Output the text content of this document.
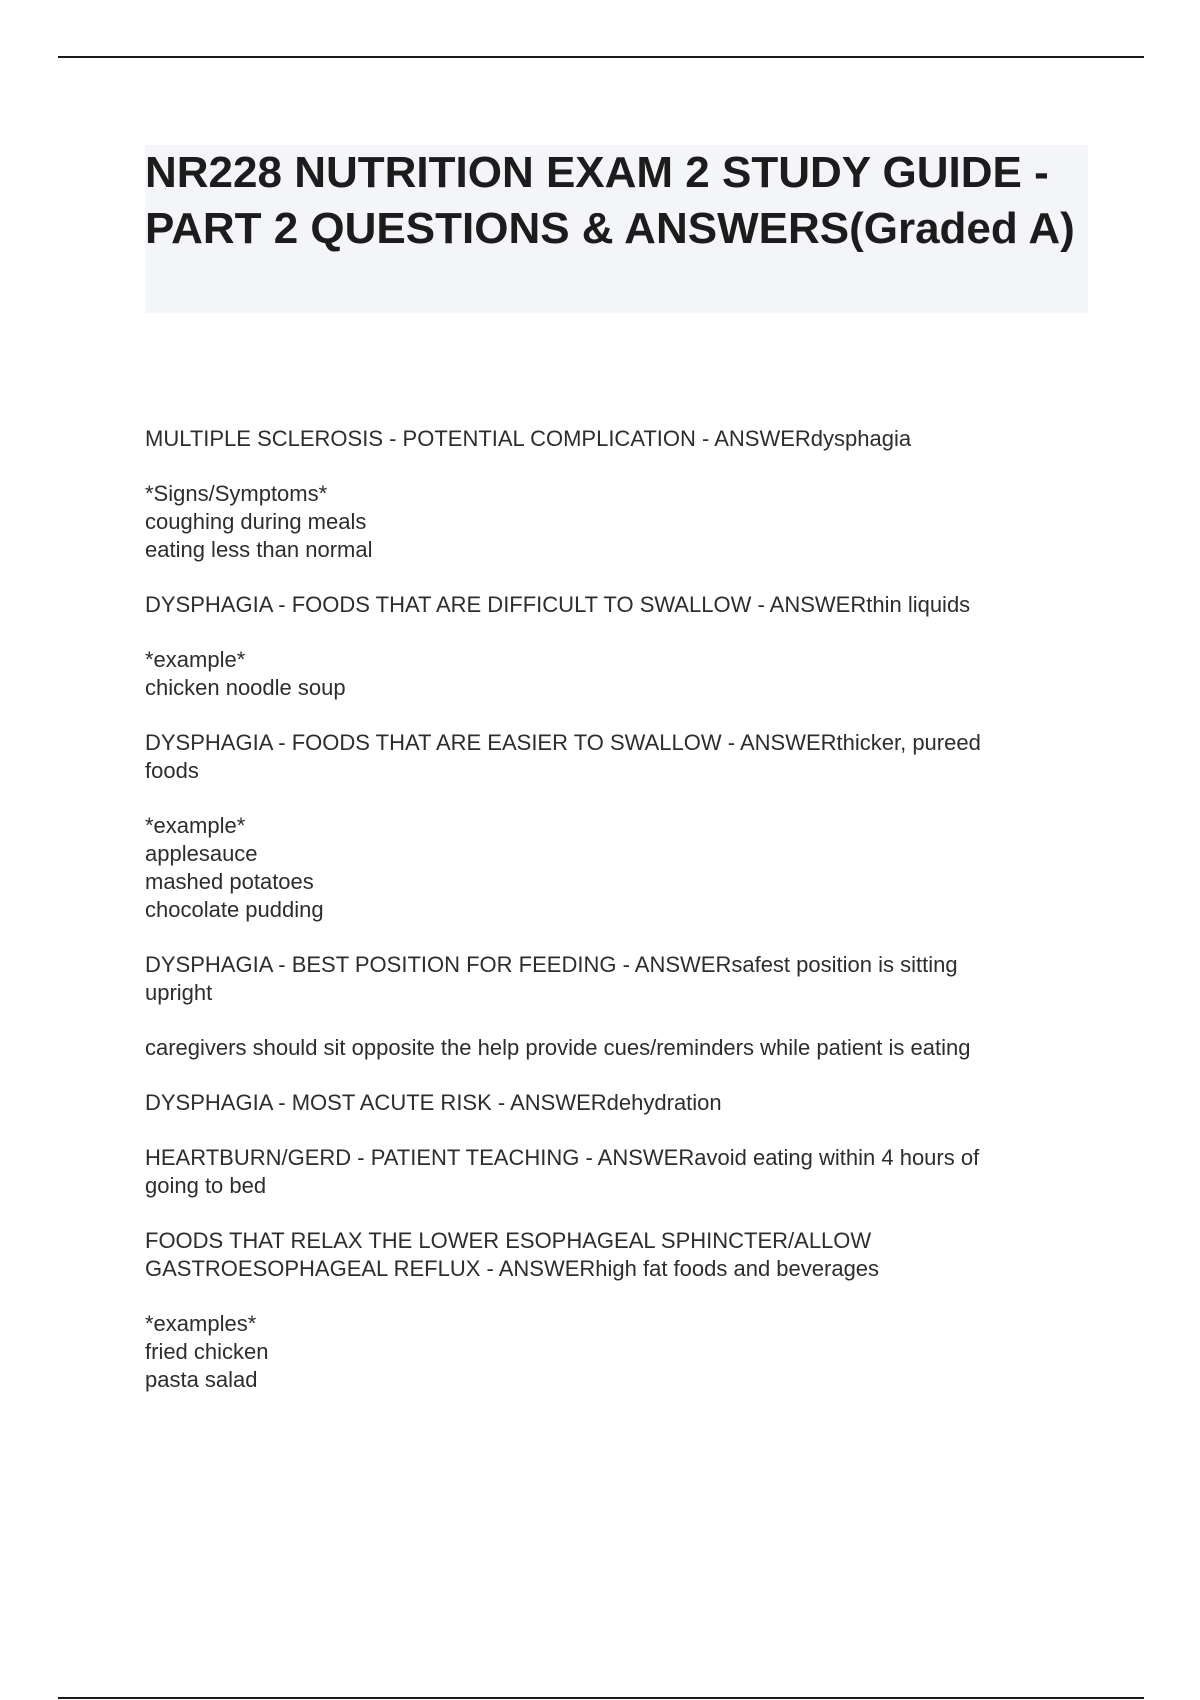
NR228 NUTRITION EXAM 2 STUDY GUIDE - PART 2 QUESTIONS & ANSWERS(Graded A)

MULTIPLE SCLEROSIS - POTENTIAL COMPLICATION - ANSWERdysphagia

*Signs/Symptoms*
coughing during meals
eating less than normal

DYSPHAGIA - FOODS THAT ARE DIFFICULT TO SWALLOW - ANSWERthin liquids

*example*
chicken noodle soup

DYSPHAGIA - FOODS THAT ARE EASIER TO SWALLOW - ANSWERthicker, pureed
foods

*example*
applesauce
mashed potatoes
chocolate pudding

DYSPHAGIA - BEST POSITION FOR FEEDING - ANSWERsafest position is sitting
upright

caregivers should sit opposite the help provide cues/reminders while patient is eating

DYSPHAGIA - MOST ACUTE RISK - ANSWERdehydration

HEARTBURN/GERD - PATIENT TEACHING - ANSWERavoid eating within 4 hours of
going to bed

FOODS THAT RELAX THE LOWER ESOPHAGEAL SPHINCTER/ALLOW
GASTROESOPHAGEAL REFLUX - ANSWERhigh fat foods and beverages

*examples*
fried chicken
pasta salad
